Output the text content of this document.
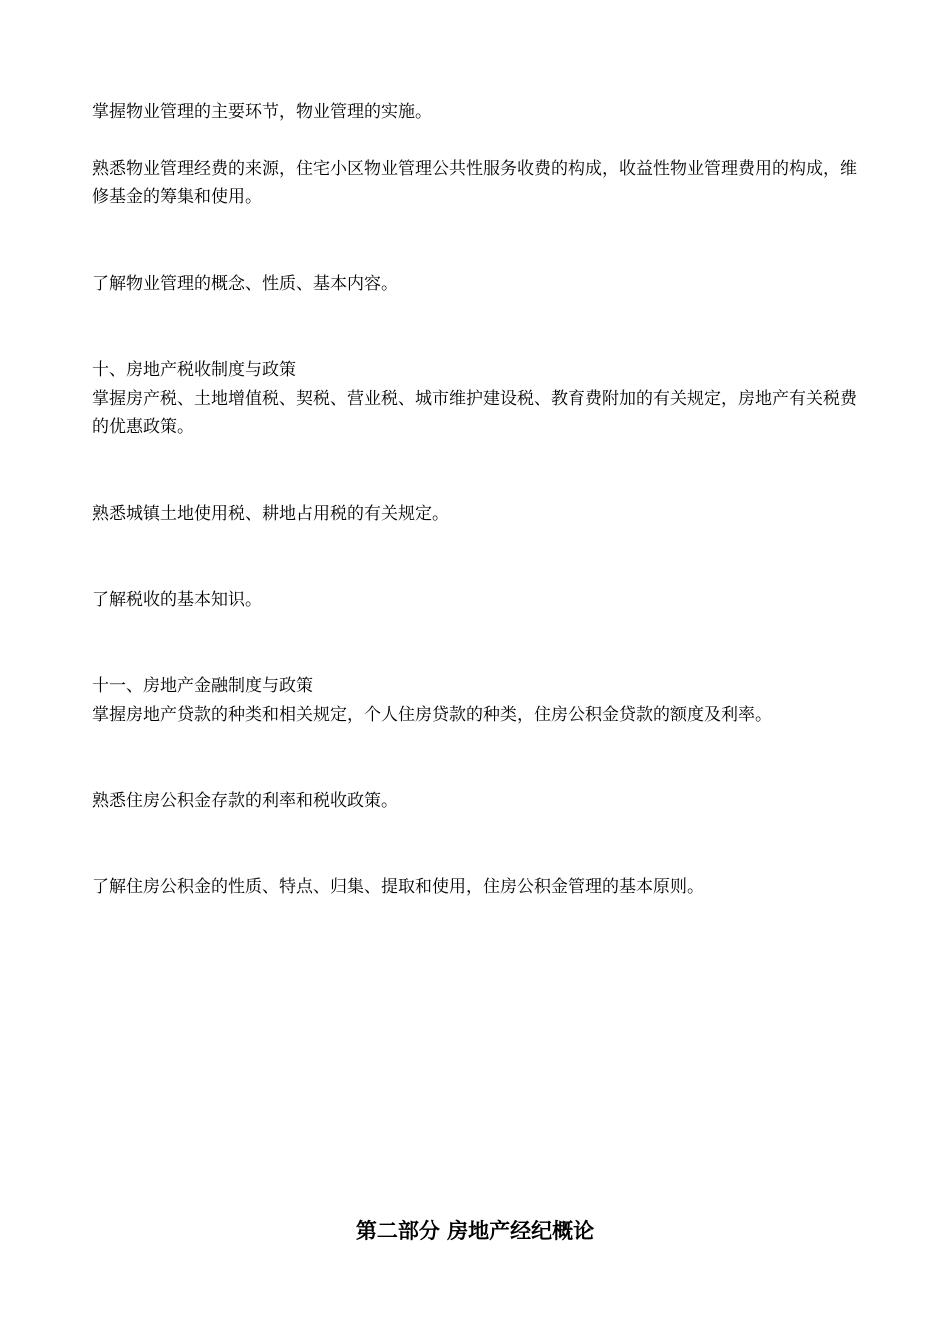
掌握物业管理的主要环节，物业管理的实施。
熟悉物业管理经费的来源，住宅小区物业管理公共性服务收费的构成，收益性物业管理费用的构成，维修基金的筹集和使用。
了解物业管理的概念、性质、基本内容。
十、房地产税收制度与政策
掌握房产税、土地增值税、契税、营业税、城市维护建设税、教育费附加的有关规定，房地产有关税费的优惠政策。
熟悉城镇土地使用税、耕地占用税的有关规定。
了解税收的基本知识。
十一、房地产金融制度与政策
掌握房地产贷款的种类和相关规定，个人住房贷款的种类，住房公积金贷款的额度及利率。
熟悉住房公积金存款的利率和税收政策。
了解住房公积金的性质、特点、归集、提取和使用，住房公积金管理的基本原则。
第二部分 房地产经纪概论
